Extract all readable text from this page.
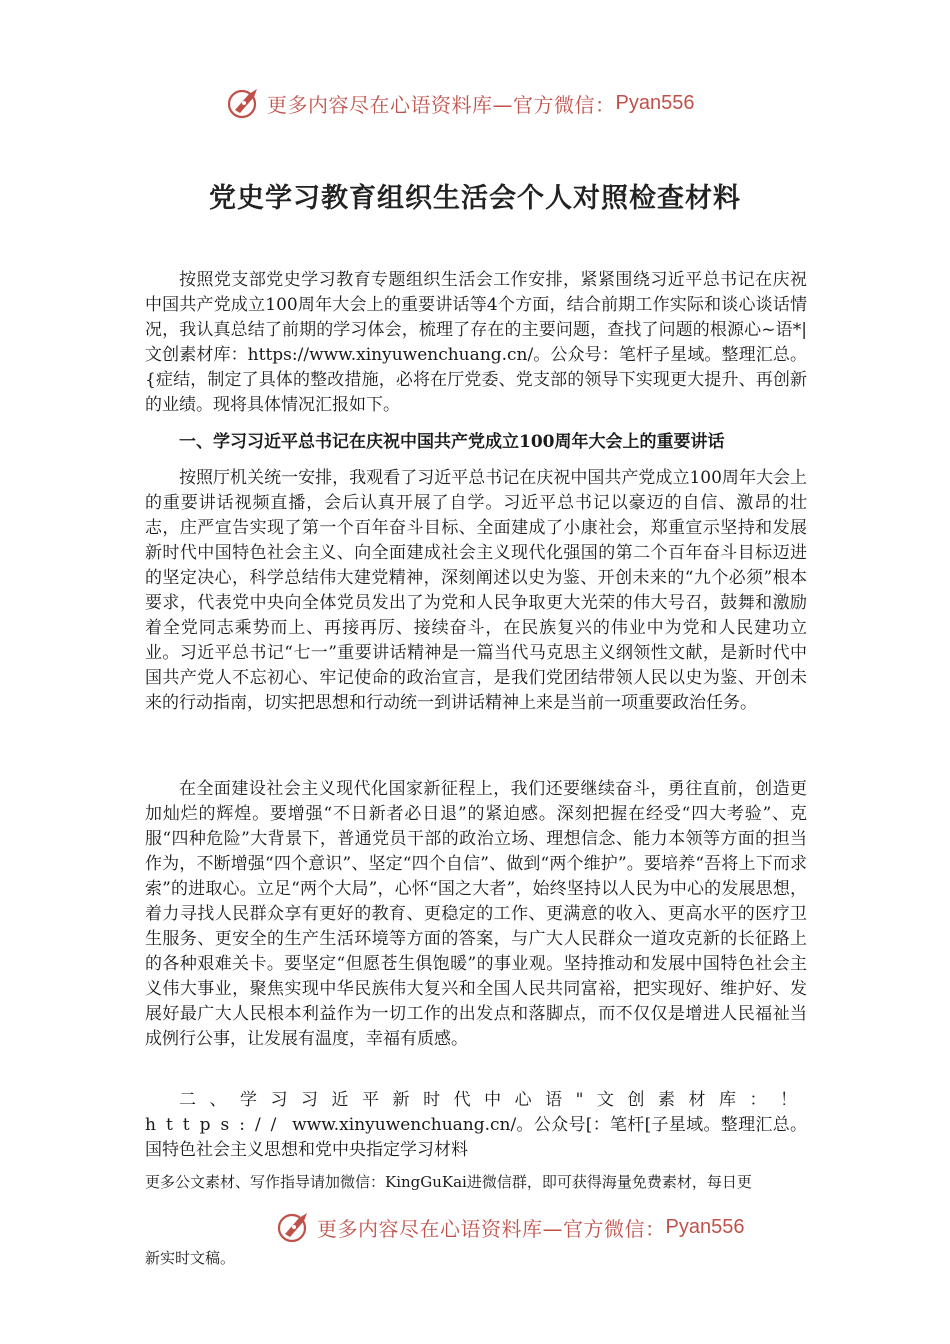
更多内容尽在心语资料库—官方微信： Pyan556
党史学习教育组织生活会个人对照检查材料

按照党支部党史学习教育专题组织生活会工作安排，紧紧围绕习近平总书记在庆祝中国共产党成立100周年大会上的重要讲话等4个方面，结合前期工作实际和谈心谈话情况，我认真总结了前期的学习体会，梳理了存在的主要问题，查找了问题的根源心~语*|文创素材库：https://www.xinyuwenchuang.cn/。公众号：笔杆子星域。整理汇总。{症结，制定了具体的整改措施，必将在厅党委、党支部的领导下实现更大提升、再创新的业绩。现将具体情况汇报如下。

一、学习习近平总书记在庆祝中国共产党成立100周年大会上的重要讲话

按照厅机关统一安排，我观看了习近平总书记在庆祝中国共产党成立100周年大会上的重要讲话视频直播，会后认真开展了自学。习近平总书记以豪迈的自信、激昂的壮志，庄严宣告实现了第一个百年奋斗目标、全面建成了小康社会，郑重宣示坚持和发展新时代中国特色社会主义、向全面建成社会主义现代化强国的第二个百年奋斗目标迈进的坚定决心，科学总结伟大建党精神，深刻阐述以史为鉴、开创未来的“九个必须”根本要求，代表党中央向全体党员发出了为党和人民争取更大光荣的伟大号召，鼓舞和激励着全党同志乘势而上、再接再厉、接续奋斗，在民族复兴的伟业中为党和人民建功立业。习近平总书记“七一”重要讲话精神是一篇当代马克思主义纲领性文献，是新时代中国共产党人不忘初心、牢记使命的政治宣言，是我们党团结带领人民以史为鉴、开创未来的行动指南，切实把思想和行动统一到讲话精神上来是当前一项重要政治任务。

在全面建设社会主义现代化国家新征程上，我们还要继续奋斗，勇往直前，创造更加灿烂的辉煌。要增强“不日新者必日退”的紧迫感。深刻把握在经受“四大考验”、克服“四种危险”大背景下，普通党员干部的政治立场、理想信念、能力本领等方面的担当作为，不断增强“四个意识”、坚定“四个自信”、做到“两个维护”。要培养“吾将上下而求索”的进取心。立足“两个大局”，心怀“国之大者”，始终坚持以人民为中心的发展思想，着力寻找人民群众享有更好的教育、更稳定的工作、更满意的收入、更高水平的医疗卫生服务、更安全的生产生活环境等方面的答案，与广大人民群众一道攻克新的长征路上的各种艰难关卡。要坚定“但愿苍生俱饱暖”的事业观。坚持推动和发展中国特色社会主义伟大事业，聚焦实现中华民族伟大复兴和全国人民共同富裕，把实现好、维护好、发展好最广大人民根本利益作为一切工作的出发点和落脚点，而不仅仅是增进人民福祉当成例行公事，让发展有温度，幸福有质感。

二、学习习近平新时代中心语"文创素材库：！https:// www.xinyuwenchuang.cn/。公众号[：笔杆[子星域。整理汇总。国特色社会主义思想和党中央指定学习材料

更多公文素材、写作指导请加微信：KingGuKai进微信群，即可获得海量免费素材，每日更

更多内容尽在心语资料库—官方微信： Pyan556

新实时文稿。
